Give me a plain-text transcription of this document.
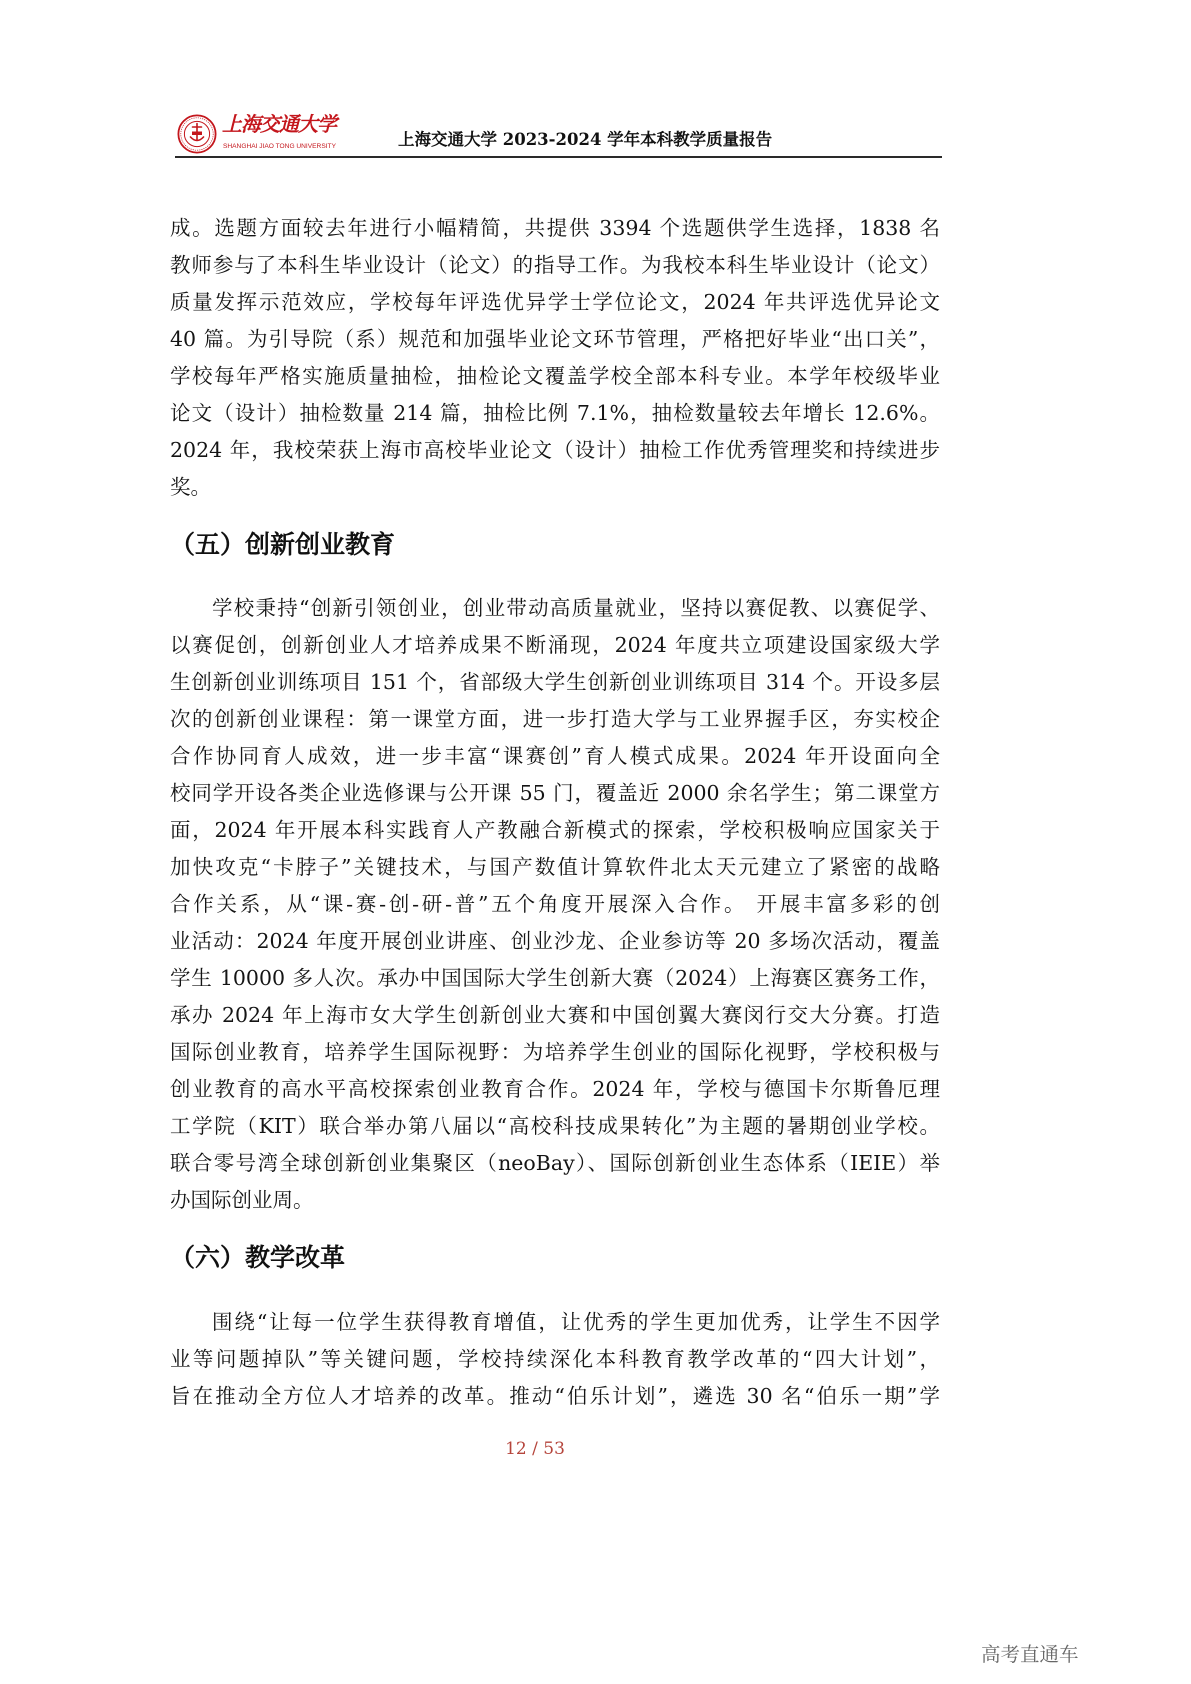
上海交通大学
SHANGHAI JIAO TONG UNIVERSITY	上海交通大学 2023-2024 学年本科教学质量报告
成。选题方面较去年进行小幅精简，共提供 3394 个选题供学生选择，1838 名
教师参与了本科生毕业设计（论文）的指导工作。为我校本科生毕业设计（论文）
质量发挥示范效应，学校每年评选优异学士学位论文，2024 年共评选优异论文
40 篇。为引导院（系）规范和加强毕业论文环节管理，严格把好毕业“出口关”，
学校每年严格实施质量抽检，抽检论文覆盖学校全部本科专业。本学年校级毕业
论文（设计）抽检数量 214 篇，抽检比例 7.1%，抽检数量较去年增长 12.6%。
2024 年，我校荣获上海市高校毕业论文（设计）抽检工作优秀管理奖和持续进步
奖。
（五）创新创业教育
学校秉持“创新引领创业，创业带动高质量就业，坚持以赛促教、以赛促学、
以赛促创，创新创业人才培养成果不断涌现，2024 年度共立项建设国家级大学
生创新创业训练项目 151 个，省部级大学生创新创业训练项目 314 个。开设多层
次的创新创业课程：第一课堂方面，进一步打造大学与工业界握手区，夯实校企
合作协同育人成效，进一步丰富“课赛创”育人模式成果。2024 年开设面向全
校同学开设各类企业选修课与公开课 55 门，覆盖近 2000 余名学生；第二课堂方
面，2024 年开展本科实践育人产教融合新模式的探索，学校积极响应国家关于
加快攻克“卡脖子”关键技术，与国产数值计算软件北太天元建立了紧密的战略
合作关系，从“课-赛-创-研-普”五个角度开展深入合作。 开展丰富多彩的创
业活动：2024 年度开展创业讲座、创业沙龙、企业参访等 20 多场次活动，覆盖
学生 10000 多人次。承办中国国际大学生创新大赛（2024）上海赛区赛务工作，
承办 2024 年上海市女大学生创新创业大赛和中国创翼大赛闵行交大分赛。打造
国际创业教育，培养学生国际视野：为培养学生创业的国际化视野，学校积极与
创业教育的高水平高校探索创业教育合作。2024 年，学校与德国卡尔斯鲁厄理
工学院（KIT）联合举办第八届以“高校科技成果转化”为主题的暑期创业学校。
联合零号湾全球创新创业集聚区（neoBay）、国际创新创业生态体系（IEIE）举
办国际创业周。
（六）教学改革
围绕“让每一位学生获得教育增值，让优秀的学生更加优秀，让学生不因学
业等问题掉队”等关键问题，学校持续深化本科教育教学改革的“四大计划”，
旨在推动全方位人才培养的改革。推动“伯乐计划”，遴选 30 名“伯乐一期”学
12 / 53
高考直通车
